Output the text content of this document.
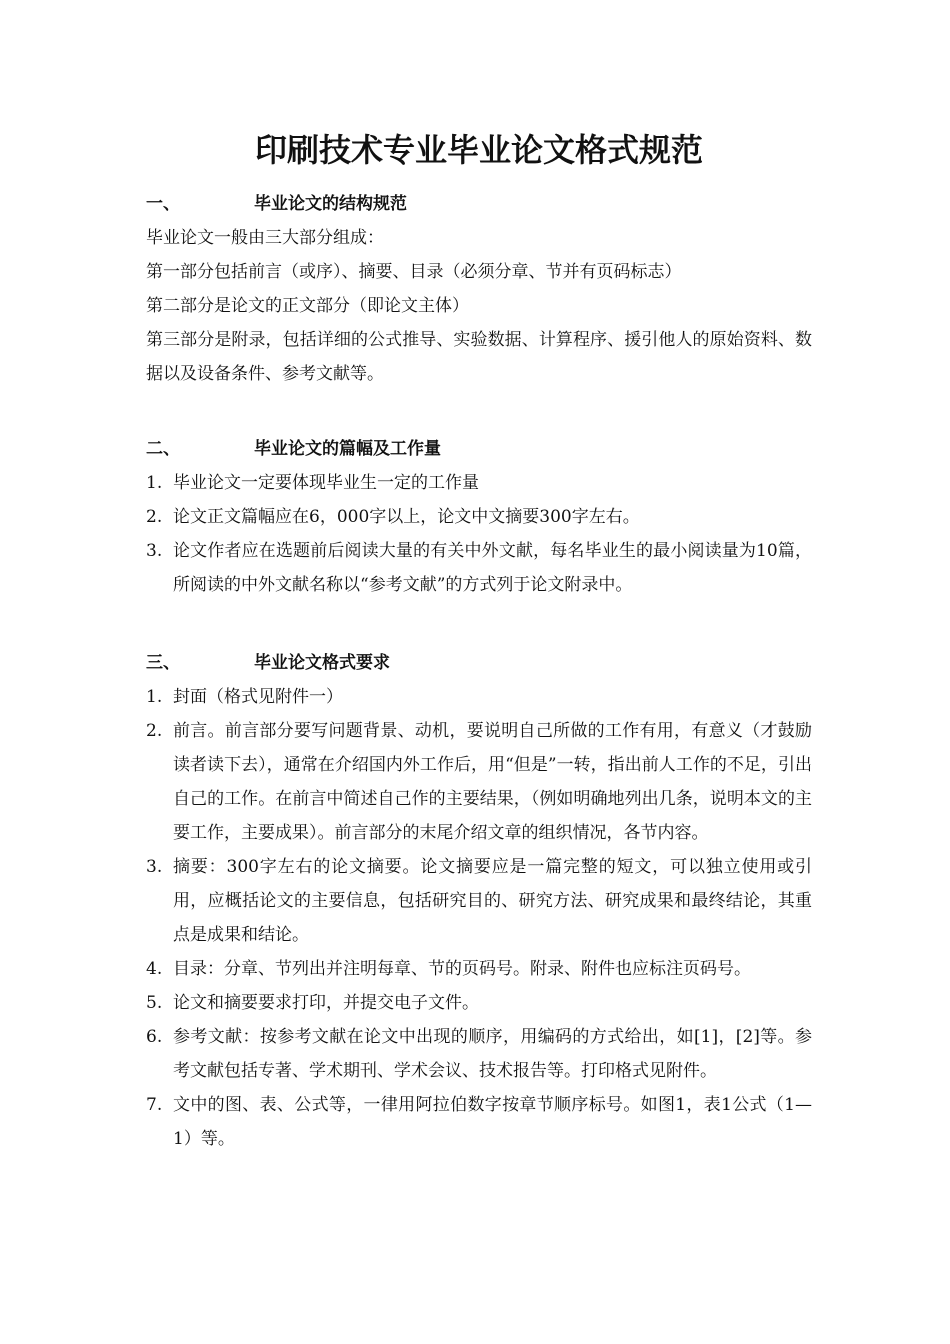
印刷技术专业毕业论文格式规范
一、	毕业论文的结构规范
毕业论文一般由三大部分组成：
第一部分包括前言（或序）、摘要、目录（必须分章、节并有页码标志）
第二部分是论文的正文部分（即论文主体）
第三部分是附录，包括详细的公式推导、实验数据、计算程序、援引他人的原始资料、数据以及设备条件、参考文献等。
二、	毕业论文的篇幅及工作量
1. 毕业论文一定要体现毕业生一定的工作量
2. 论文正文篇幅应在6，000字以上，论文中文摘要300字左右。
3. 论文作者应在选题前后阅读大量的有关中外文献，每名毕业生的最小阅读量为10篇， 所阅读的中外文献名称以“参考文献”的方式列于论文附录中。
三、	毕业论文格式要求
1. 封面（格式见附件一）
2. 前言。前言部分要写问题背景、动机，要说明自己所做的工作有用，有意义（才鼓励读者读下去），通常在介绍国内外工作后，用“但是”一转，指出前人工作的不足，引出自己的工作。在前言中简述自己作的主要结果，（例如明确地列出几条，说明本文的主要工作，主要成果）。前言部分的末尾介绍文章的组织情况，各节内容。
3. 摘要：300字左右的论文摘要。论文摘要应是一篇完整的短文，可以独立使用或引用，应概括论文的主要信息，包括研究目的、研究方法、研究成果和最终结论，其重点是成果和结论。
4. 目录：分章、节列出并注明每章、节的页码号。附录、附件也应标注页码号。
5. 论文和摘要要求打印，并提交电子文件。
6. 参考文献：按参考文献在论文中出现的顺序，用编码的方式给出，如[1]，[2]等。参考文献包括专著、学术期刊、学术会议、技术报告等。打印格式见附件。
7. 文中的图、表、公式等，一律用阿拉伯数字按章节顺序标号。如图1，表1公式（1—1）等。
